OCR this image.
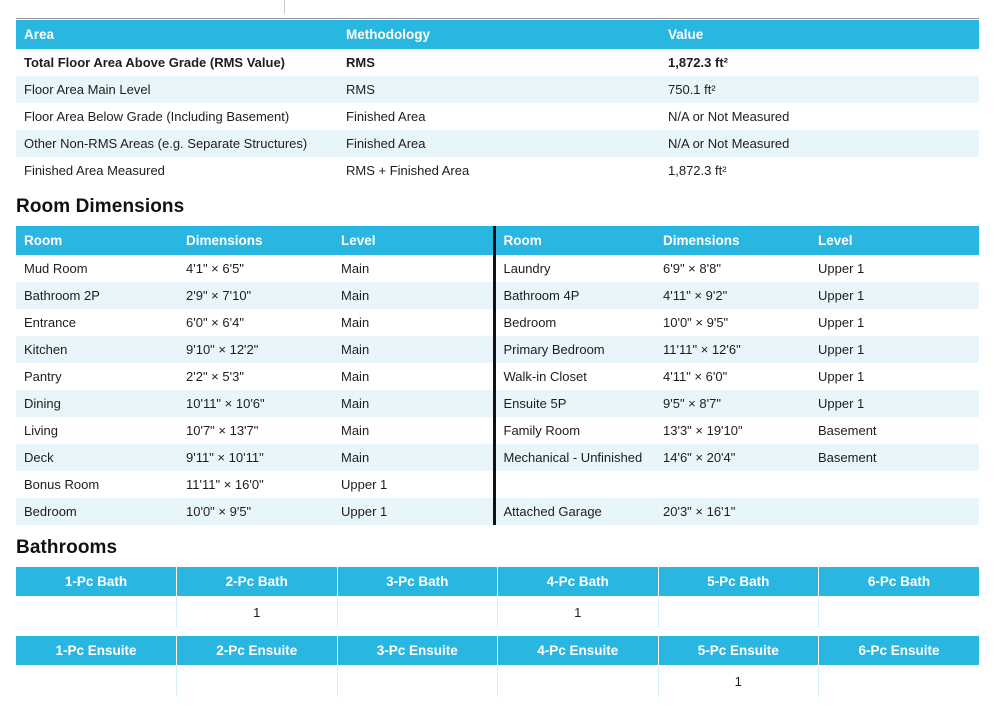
Area	Methodology	Value
Total Floor Area Above Grade (RMS Value)	RMS	1,872.3 ft²
Floor Area Main Level	RMS	750.1 ft²
Floor Area Below Grade (Including Basement)	Finished Area	N/A or Not Measured
Other Non-RMS Areas (e.g. Separate Structures)	Finished Area	N/A or Not Measured
Finished Area Measured	RMS + Finished Area	1,872.3 ft²
Room Dimensions
Room	Dimensions	Level	Room	Dimensions	Level
Mud Room	4'1" × 6'5"	Main	Laundry	6'9" × 8'8"	Upper 1
Bathroom 2P	2'9" × 7'10"	Main	Bathroom 4P	4'11" × 9'2"	Upper 1
Entrance	6'0" × 6'4"	Main	Bedroom	10'0" × 9'5"	Upper 1
Kitchen	9'10" × 12'2"	Main	Primary Bedroom	11'11" × 12'6"	Upper 1
Pantry	2'2" × 5'3"	Main	Walk-in Closet	4'11" × 6'0"	Upper 1
Dining	10'11" × 10'6"	Main	Ensuite 5P	9'5" × 8'7"	Upper 1
Living	10'7" × 13'7"	Main	Family Room	13'3" × 19'10"	Basement
Deck	9'11" × 10'11"	Main	Mechanical - Unfinished	14'6" × 20'4"	Basement
Bonus Room	11'11" × 16'0"	Upper 1			
Bedroom	10'0" × 9'5"	Upper 1	Attached Garage	20'3" × 16'1"	
Bathrooms
1-Pc Bath	2-Pc Bath	3-Pc Bath	4-Pc Bath	5-Pc Bath	6-Pc Bath
	1		1		

1-Pc Ensuite	2-Pc Ensuite	3-Pc Ensuite	4-Pc Ensuite	5-Pc Ensuite	6-Pc Ensuite
				1	
